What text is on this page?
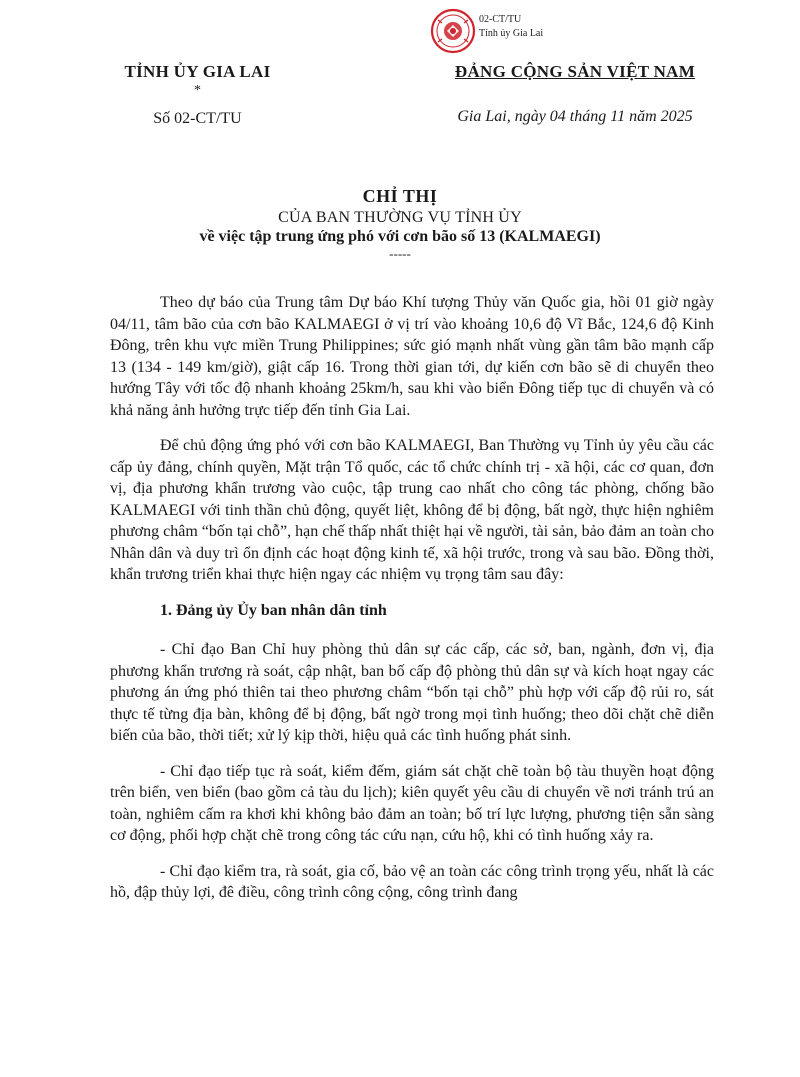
02-CT/TU
Tỉnh ủy Gia Lai
TỈNH ỦY GIA LAI
*
Số 02-CT/TU
ĐẢNG CỘNG SẢN VIỆT NAM
Gia Lai, ngày 04 tháng 11 năm 2025
CHỈ THỊ
CỦA BAN THƯỜNG VỤ TỈNH ỦY
về việc tập trung ứng phó với cơn bão số 13 (KALMAEGI)
-----

Theo dự báo của Trung tâm Dự báo Khí tượng Thủy văn Quốc gia, hồi 01 giờ ngày 04/11, tâm bão của cơn bão KALMAEGI ở vị trí vào khoảng 10,6 độ Vĩ Bắc, 124,6 độ Kinh Đông, trên khu vực miền Trung Philippines; sức gió mạnh nhất vùng gần tâm bão mạnh cấp 13 (134 - 149 km/giờ), giật cấp 16. Trong thời gian tới, dự kiến cơn bão sẽ di chuyển theo hướng Tây với tốc độ nhanh khoảng 25km/h, sau khi vào biển Đông tiếp tục di chuyển và có khả năng ảnh hưởng trực tiếp đến tỉnh Gia Lai.

Để chủ động ứng phó với cơn bão KALMAEGI, Ban Thường vụ Tỉnh ủy yêu cầu các cấp ủy đảng, chính quyền, Mặt trận Tổ quốc, các tổ chức chính trị - xã hội, các cơ quan, đơn vị, địa phương khẩn trương vào cuộc, tập trung cao nhất cho công tác phòng, chống bão KALMAEGI với tinh thần chủ động, quyết liệt, không để bị động, bất ngờ, thực hiện nghiêm phương châm “bốn tại chỗ”, hạn chế thấp nhất thiệt hại về người, tài sản, bảo đảm an toàn cho Nhân dân và duy trì ổn định các hoạt động kinh tế, xã hội trước, trong và sau bão. Đồng thời, khẩn trương triển khai thực hiện ngay các nhiệm vụ trọng tâm sau đây:

1. Đảng ủy Ủy ban nhân dân tỉnh

- Chỉ đạo Ban Chỉ huy phòng thủ dân sự các cấp, các sở, ban, ngành, đơn vị, địa phương khẩn trương rà soát, cập nhật, ban bố cấp độ phòng thủ dân sự và kích hoạt ngay các phương án ứng phó thiên tai theo phương châm “bốn tại chỗ” phù hợp với cấp độ rủi ro, sát thực tế từng địa bàn, không để bị động, bất ngờ trong mọi tình huống; theo dõi chặt chẽ diễn biến của bão, thời tiết; xử lý kịp thời, hiệu quả các tình huống phát sinh.

- Chỉ đạo tiếp tục rà soát, kiểm đếm, giám sát chặt chẽ toàn bộ tàu thuyền hoạt động trên biển, ven biển (bao gồm cả tàu du lịch); kiên quyết yêu cầu di chuyển về nơi tránh trú an toàn, nghiêm cấm ra khơi khi không bảo đảm an toàn; bố trí lực lượng, phương tiện sẵn sàng cơ động, phối hợp chặt chẽ trong công tác cứu nạn, cứu hộ, khi có tình huống xảy ra.

- Chỉ đạo kiểm tra, rà soát, gia cố, bảo vệ an toàn các công trình trọng yếu, nhất là các hồ, đập thủy lợi, đê điều, công trình công cộng, công trình đang
